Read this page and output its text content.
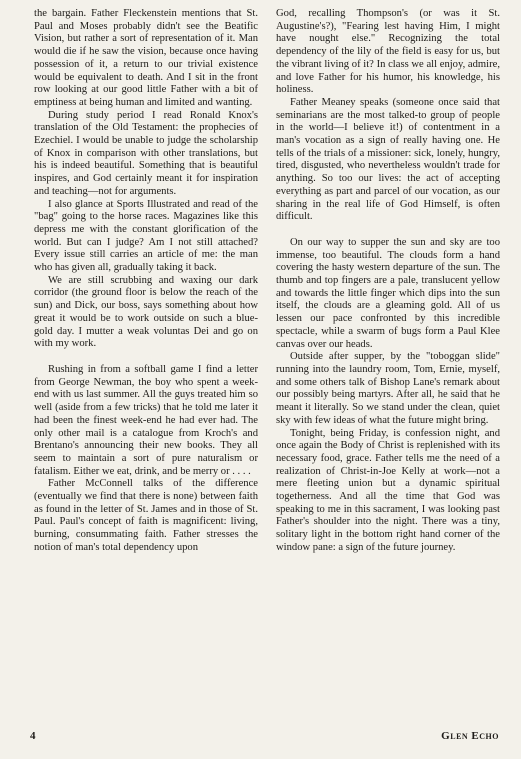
the bargain. Father Fleckenstein mentions that St. Paul and Moses probably didn't see the Beatific Vision, but rather a sort of representation of it. Man would die if he saw the vision, because once having possession of it, a return to our trivial existence would be equivalent to death. And I sit in the front row looking at our good little Father with a bit of emptiness at being human and limited and wanting.

During study period I read Ronald Knox's translation of the Old Testament: the prophecies of Ezechiel. I would be unable to judge the scholarship of Knox in comparison with other translations, but his is indeed beautiful. Something that is beautiful inspires, and God certainly meant it for inspiration and teaching—not for arguments.

I also glance at Sports Illustrated and read of the "bag" going to the horse races. Magazines like this depress me with the constant glorification of the world. But can I judge? Am I not still attached? Every issue still carries an article of me: the man who has given all, gradually taking it back.

We are still scrubbing and waxing our dark corridor (the ground floor is below the reach of the sun) and Dick, our boss, says something about how great it would be to work outside on such a blue-gold day. I mutter a weak voluntas Dei and go on with my work.

Rushing in from a softball game I find a letter from George Newman, the boy who spent a week-end with us last summer. All the guys treated him so well (aside from a few tricks) that he told me later it had been the finest week-end he had ever had. The only other mail is a catalogue from Kroch's and Brentano's announcing their new books. They all seem to maintain a sort of pure naturalism or fatalism. Either we eat, drink, and be merry or . . . .

Father McConnell talks of the difference (eventually we find that there is none) between faith as found in the letter of St. James and in those of St. Paul. Paul's concept of faith is magnificent: living, burning, consummating faith. Father stresses the notion of man's total dependency upon

God, recalling Thompson's (or was it St. Augustine's?), "Fearing lest having Him, I might have nought else." Recognizing the total dependency of the lily of the field is easy for us, but the vibrant living of it? In class we all enjoy, admire, and love Father for his humor, his knowledge, his holiness.

Father Meaney speaks (someone once said that seminarians are the most talked-to group of people in the world—I believe it!) of contentment in a man's vocation as a sign of really having one. He tells of the trials of a missioner: sick, lonely, hungry, tired, disgusted, who nevertheless wouldn't trade for anything. So too our lives: the act of accepting everything as part and parcel of our vocation, as our sharing in the real life of God Himself, is often difficult.

On our way to supper the sun and sky are too immense, too beautiful. The clouds form a hand covering the hasty western departure of the sun. The thumb and top fingers are a pale, translucent yellow and towards the little finger which dips into the sun itself, the clouds are a gleaming gold. All of us lessen our pace confronted by this incredible spectacle, while a swarm of bugs form a Paul Klee canvas over our heads.

Outside after supper, by the "toboggan slide" running into the laundry room, Tom, Ernie, myself, and some others talk of Bishop Lane's remark about our possibly being martyrs. After all, he said that he meant it literally. So we stand under the clean, quiet sky with few ideas of what the future might bring.

Tonight, being Friday, is confession night, and once again the Body of Christ is replenished with its necessary food, grace. Father tells me the need of a realization of Christ-in-Joe Kelly at work—not a mere fleeting union but a dynamic spiritual togetherness. And all the time that God was speaking to me in this sacrament, I was looking past Father's shoulder into the night. There was a tiny, solitary light in the bottom right hand corner of the window pane: a sign of the future journey.

4	Glen Echo
